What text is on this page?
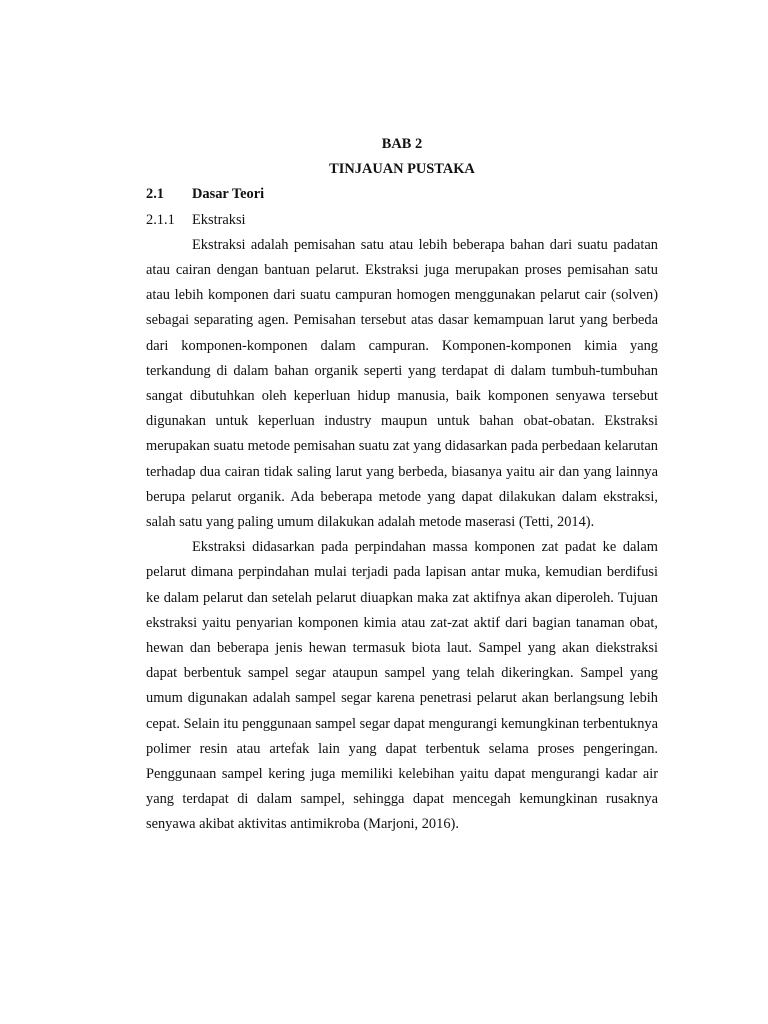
BAB 2

TINJAUAN PUSTAKA

2.1	Dasar Teori
2.1.1	Ekstraksi

Ekstraksi adalah pemisahan satu atau lebih beberapa bahan dari suatu padatan atau cairan dengan bantuan pelarut. Ekstraksi juga merupakan proses pemisahan satu atau lebih komponen dari suatu campuran homogen menggunakan pelarut cair (solven) sebagai separating agen. Pemisahan tersebut atas dasar kemampuan larut yang berbeda dari komponen-komponen dalam campuran. Komponen-komponen kimia yang terkandung di dalam bahan organik seperti yang terdapat di dalam tumbuh-tumbuhan sangat dibutuhkan oleh keperluan hidup manusia, baik komponen senyawa tersebut digunakan untuk keperluan industry maupun untuk bahan obat-obatan. Ekstraksi merupakan suatu metode pemisahan suatu zat yang didasarkan pada perbedaan kelarutan terhadap dua cairan tidak saling larut yang berbeda, biasanya yaitu air dan yang lainnya berupa pelarut organik. Ada beberapa metode yang dapat dilakukan dalam ekstraksi, salah satu yang paling umum dilakukan adalah metode maserasi (Tetti, 2014).

Ekstraksi didasarkan pada perpindahan massa komponen zat padat ke dalam pelarut dimana perpindahan mulai terjadi pada lapisan antar muka, kemudian berdifusi ke dalam pelarut dan setelah pelarut diuapkan maka zat aktifnya akan diperoleh. Tujuan ekstraksi yaitu penyarian komponen kimia atau zat-zat aktif dari bagian tanaman obat, hewan dan beberapa jenis hewan termasuk biota laut. Sampel yang akan diekstraksi dapat berbentuk sampel segar ataupun sampel yang telah dikeringkan. Sampel yang umum digunakan adalah sampel segar karena penetrasi pelarut akan berlangsung lebih cepat. Selain itu penggunaan sampel segar dapat mengurangi kemungkinan terbentuknya polimer resin atau artefak lain yang dapat terbentuk selama proses pengeringan. Penggunaan sampel kering juga memiliki kelebihan yaitu dapat mengurangi kadar air yang terdapat di dalam sampel, sehingga dapat mencegah kemungkinan rusaknya senyawa akibat aktivitas antimikroba (Marjoni, 2016).
